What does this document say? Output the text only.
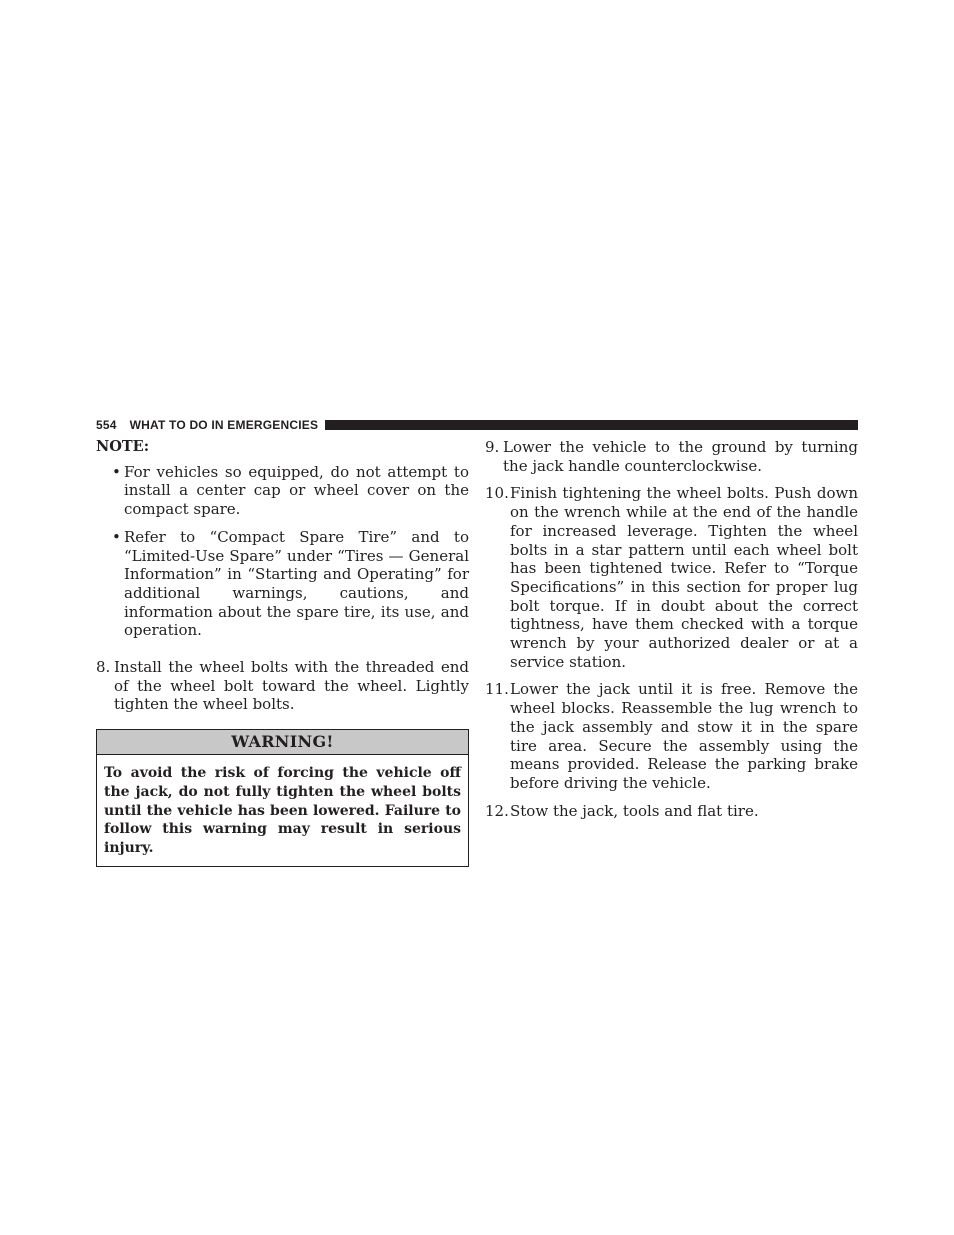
554 WHAT TO DO IN EMERGENCIES
NOTE:
• For vehicles so equipped, do not attempt to install a center cap or wheel cover on the compact spare.
• Refer to “Compact Spare Tire” and to “Limited-Use Spare” under “Tires — General Information” in “Starting and Operating” for additional warnings, cautions, and information about the spare tire, its use, and operation.
8. Install the wheel bolts with the threaded end of the wheel bolt toward the wheel. Lightly tighten the wheel bolts.
WARNING!
To avoid the risk of forcing the vehicle off the jack, do not fully tighten the wheel bolts until the vehicle has been lowered. Failure to follow this warning may result in serious injury.
9. Lower the vehicle to the ground by turning the jack handle counterclockwise.
10. Finish tightening the wheel bolts. Push down on the wrench while at the end of the handle for increased leverage. Tighten the wheel bolts in a star pattern until each wheel bolt has been tightened twice. Refer to “Torque Specifications” in this section for proper lug bolt torque. If in doubt about the correct tightness, have them checked with a torque wrench by your authorized dealer or at a service station.
11. Lower the jack until it is free. Remove the wheel blocks. Reassemble the lug wrench to the jack assembly and stow it in the spare tire area. Secure the assembly using the means provided. Release the parking brake before driving the vehicle.
12. Stow the jack, tools and flat tire.
